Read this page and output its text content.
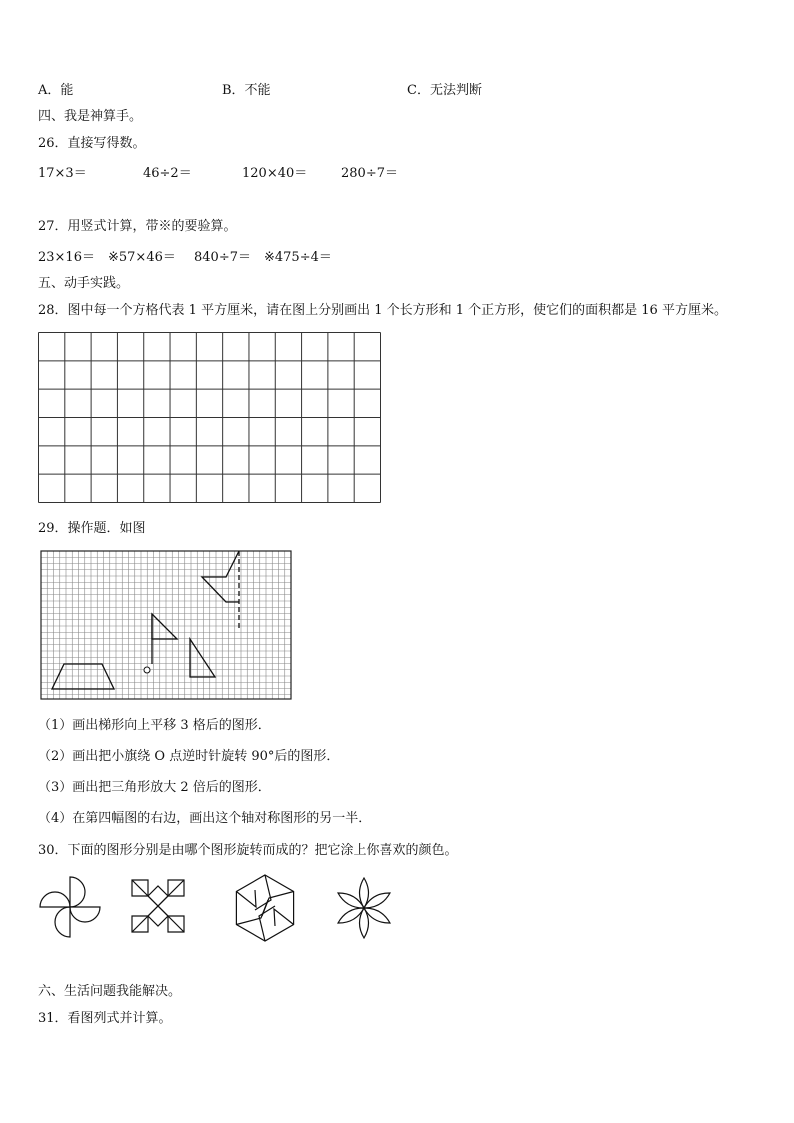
A．能	B．不能	C．无法判断
四、我是神算手。
26．直接写得数。
17×3＝	46÷2＝	120×40＝	280÷7＝
27．用竖式计算，带※的要验算。
23×16＝ ※57×46＝ 840÷7＝ ※475÷4＝
五、动手实践。
28．图中每一个方格代表 1 平方厘米，请在图上分别画出 1 个长方形和 1 个正方形，使它们的面积都是 16 平方厘米。
29．操作题．如图
（1）画出梯形向上平移 3 格后的图形．
（2）画出把小旗绕 O 点逆时针旋转 90°后的图形．
（3）画出把三角形放大 2 倍后的图形．
（4）在第四幅图的右边，画出这个轴对称图形的另一半．
30．下面的图形分别是由哪个图形旋转而成的？把它涂上你喜欢的颜色。
六、生活问题我能解决。
31．看图列式并计算。
